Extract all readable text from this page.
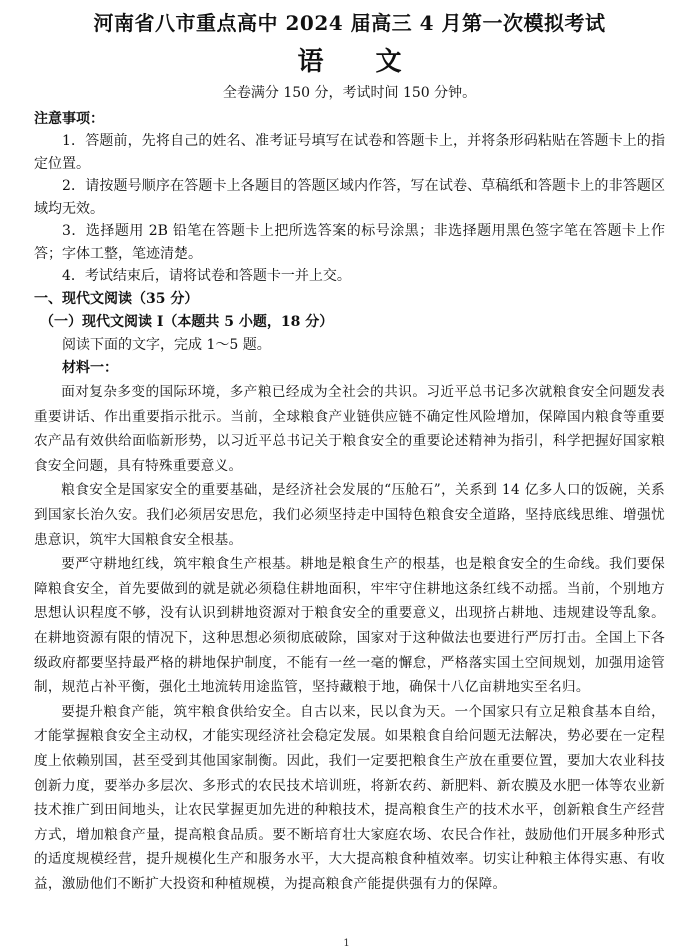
河南省八市重点高中 2024 届高三 4 月第一次模拟考试
语　　文

全卷满分 150 分，考试时间 150 分钟。

注意事项：

1．答题前，先将自己的姓名、准考证号填写在试卷和答题卡上，并将条形码粘贴在答题卡上的指定位置。

2．请按题号顺序在答题卡上各题目的答题区域内作答，写在试卷、草稿纸和答题卡上的非答题区域均无效。

3．选择题用 2B 铅笔在答题卡上把所选答案的标号涂黑；非选择题用黑色签字笔在答题卡上作答；字体工整，笔迹清楚。

4．考试结束后，请将试卷和答题卡一并上交。

一、现代文阅读（35 分）

（一）现代文阅读 I（本题共 5 小题，18 分）

阅读下面的文字，完成 1～5 题。

材料一：

面对复杂多变的国际环境，多产粮已经成为全社会的共识。习近平总书记多次就粮食安全问题发表重要讲话、作出重要指示批示。当前，全球粮食产业链供应链不确定性风险增加，保障国内粮食等重要农产品有效供给面临新形势，以习近平总书记关于粮食安全的重要论述精神为指引，科学把握好国家粮食安全问题，具有特殊重要意义。

粮食安全是国家安全的重要基础，是经济社会发展的“压舱石”，关系到 14 亿多人口的饭碗，关系到国家长治久安。我们必须居安思危，我们必须坚持走中国特色粮食安全道路，坚持底线思维、增强忧患意识，筑牢大国粮食安全根基。

要严守耕地红线，筑牢粮食生产根基。耕地是粮食生产的根基，也是粮食安全的生命线。我们要保障粮食安全，首先要做到的就是就必须稳住耕地面积，牢牢守住耕地这条红线不动摇。当前，个别地方思想认识程度不够，没有认识到耕地资源对于粮食安全的重要意义，出现挤占耕地、违规建设等乱象。在耕地资源有限的情况下，这种思想必须彻底破除，国家对于这种做法也要进行严厉打击。全国上下各级政府都要坚持最严格的耕地保护制度，不能有一丝一毫的懈怠，严格落实国土空间规划，加强用途管制，规范占补平衡，强化土地流转用途监管，坚持藏粮于地，确保十八亿亩耕地实至名归。

要提升粮食产能，筑牢粮食供给安全。自古以来，民以食为天。一个国家只有立足粮食基本自给，才能掌握粮食安全主动权，才能实现经济社会稳定发展。如果粮食自给问题无法解决，势必要在一定程度上依赖别国，甚至受到其他国家制衡。因此，我们一定要把粮食生产放在重要位置，要加大农业科技创新力度，要举办多层次、多形式的农民技术培训班，将新农药、新肥料、新农膜及水肥一体等农业新技术推广到田间地头，让农民掌握更加先进的种粮技术，提高粮食生产的技术水平，创新粮食生产经营方式，增加粮食产量，提高粮食品质。要不断培育壮大家庭农场、农民合作社，鼓励他们开展多种形式的适度规模经营，提升规模化生产和服务水平，大大提高粮食种植效率。切实让种粮主体得实惠、有收益，激励他们不断扩大投资和种植规模，为提高粮食产能提供强有力的保障。

1
